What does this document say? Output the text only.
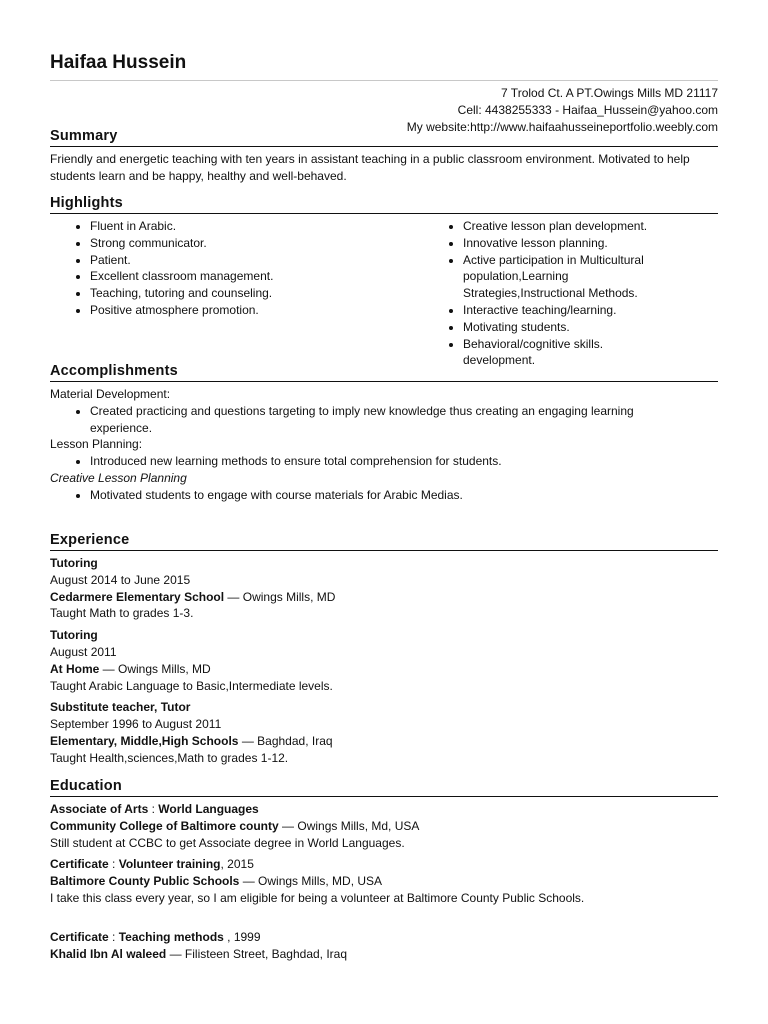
Haifaa Hussein
7 Trolod Ct. A PT.Owings Mills MD 21117
Cell: 4438255333 - Haifaa_Hussein@yahoo.com
My website:http://www.haifaahusseineportfolio.weebly.com
Summary
Friendly and energetic teaching with ten years in assistant teaching in a public classroom environment. Motivated to help students learn and be happy, healthy and well-behaved.
Highlights
• Fluent in Arabic.
• Strong communicator.
• Patient.
• Excellent classroom management.
• Teaching, tutoring and counseling.
• Positive atmosphere promotion.
• Creative lesson plan development.
• Innovative lesson planning.
• Active participation in Multicultural population,Learning Strategies,Instructional Methods.
• Interactive teaching/learning.
• Motivating students.
• Behavioral/cognitive skills. development.
Accomplishments
Material Development:
• Created practicing and questions targeting to imply new knowledge thus creating an engaging learning experience.
Lesson Planning:
• Introduced new learning methods to ensure total comprehension for students.
Creative Lesson Planning
• Motivated students to engage with course materials for Arabic Medias.
Experience
Tutoring
August 2014 to June 2015
Cedarmere Elementary School — Owings Mills, MD
Taught Math to grades 1-3.
Tutoring
August 2011
At Home — Owings Mills, MD
Taught Arabic Language to Basic,Intermediate levels.
Substitute teacher, Tutor
September 1996 to August 2011
Elementary, Middle,High Schools — Baghdad, Iraq
Taught Health,sciences,Math to grades 1-12.
Education
Associate of Arts : World Languages
Community College of Baltimore county — Owings Mills, Md, USA
Still student at CCBC to get Associate degree in World Languages.
Certificate : Volunteer training, 2015
Baltimore County Public Schools — Owings Mills, MD, USA
I take this class every year, so I am eligible for being a volunteer at Baltimore County Public Schools.
Certificate : Teaching methods , 1999
Khalid Ibn Al waleed — Filisteen Street, Baghdad, Iraq
